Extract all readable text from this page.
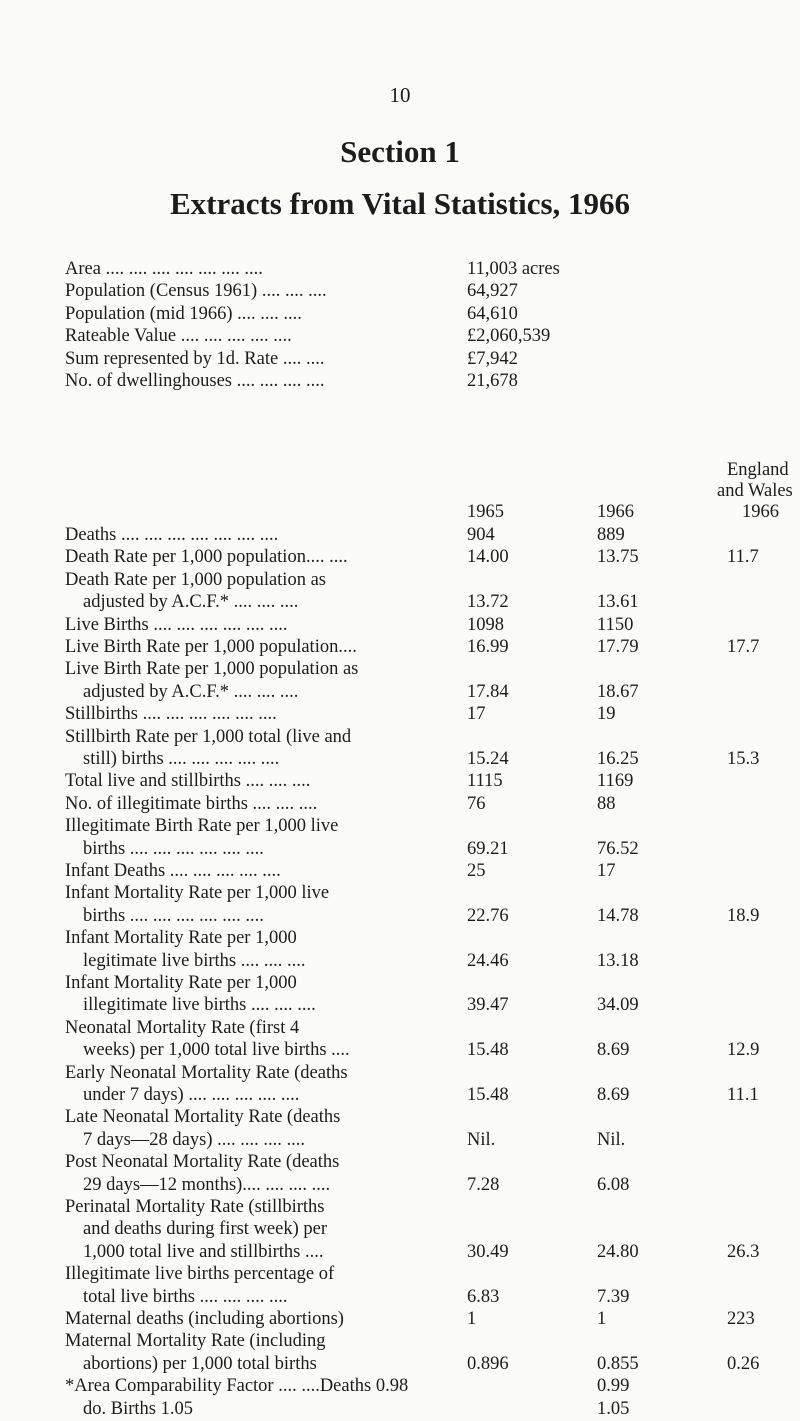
10
Section 1
Extracts from Vital Statistics, 1966
Area .... .... .... .... .... .... ....	11,003 acres
Population (Census 1961) .... .... ....	64,927
Population (mid 1966) .... .... ....	64,610
Rateable Value .... .... .... .... ....	£2,060,539
Sum represented by 1d. Rate .... ....	£7,942
No. of dwellinghouses .... .... .... ....	21,678
1965	1966
England
and Wales
1966
Deaths .... .... .... .... .... .... ....	904	889
Death Rate per 1,000 population.... ....	14.00	13.75	11.7
Death Rate per 1,000 population as
adjusted by A.C.F.* .... .... ....	13.72	13.61
Live Births .... .... .... .... .... ....	1098	1150
Live Birth Rate per 1,000 population....	16.99	17.79	17.7
Live Birth Rate per 1,000 population as
adjusted by A.C.F.* .... .... ....	17.84	18.67
Stillbirths .... .... .... .... .... ....	17	19
Stillbirth Rate per 1,000 total (live and
still) births .... .... .... .... ....	15.24	16.25	15.3
Total live and stillbirths .... .... ....	1115	1169
No. of illegitimate births .... .... ....	76	88
Illegitimate Birth Rate per 1,000 live
births .... .... .... .... .... ....	69.21	76.52
Infant Deaths .... .... .... .... ....	25	17
Infant Mortality Rate per 1,000 live
births .... .... .... .... .... ....	22.76	14.78	18.9
Infant Mortality Rate per 1,000
legitimate live births .... .... ....	24.46	13.18
Infant Mortality Rate per 1,000
illegitimate live births .... .... ....	39.47	34.09
Neonatal Mortality Rate (first 4
weeks) per 1,000 total live births ....	15.48	8.69	12.9
Early Neonatal Mortality Rate (deaths
under 7 days) .... .... .... .... ....	15.48	8.69	11.1
Late Neonatal Mortality Rate (deaths
7 days—28 days) .... .... .... ....	Nil.	Nil.
Post Neonatal Mortality Rate (deaths
29 days—12 months).... .... .... ....	7.28	6.08
Perinatal Mortality Rate (stillbirths
and deaths during first week) per
1,000 total live and stillbirths ....	30.49	24.80	26.3
Illegitimate live births percentage of
total live births .... .... .... ....	6.83	7.39
Maternal deaths (including abortions)	1	1	223
Maternal Mortality Rate (including
abortions) per 1,000 total births	0.896	0.855	0.26
*Area Comparability Factor .... ....Deaths 0.98	0.99
do. Births 1.05	1.05
